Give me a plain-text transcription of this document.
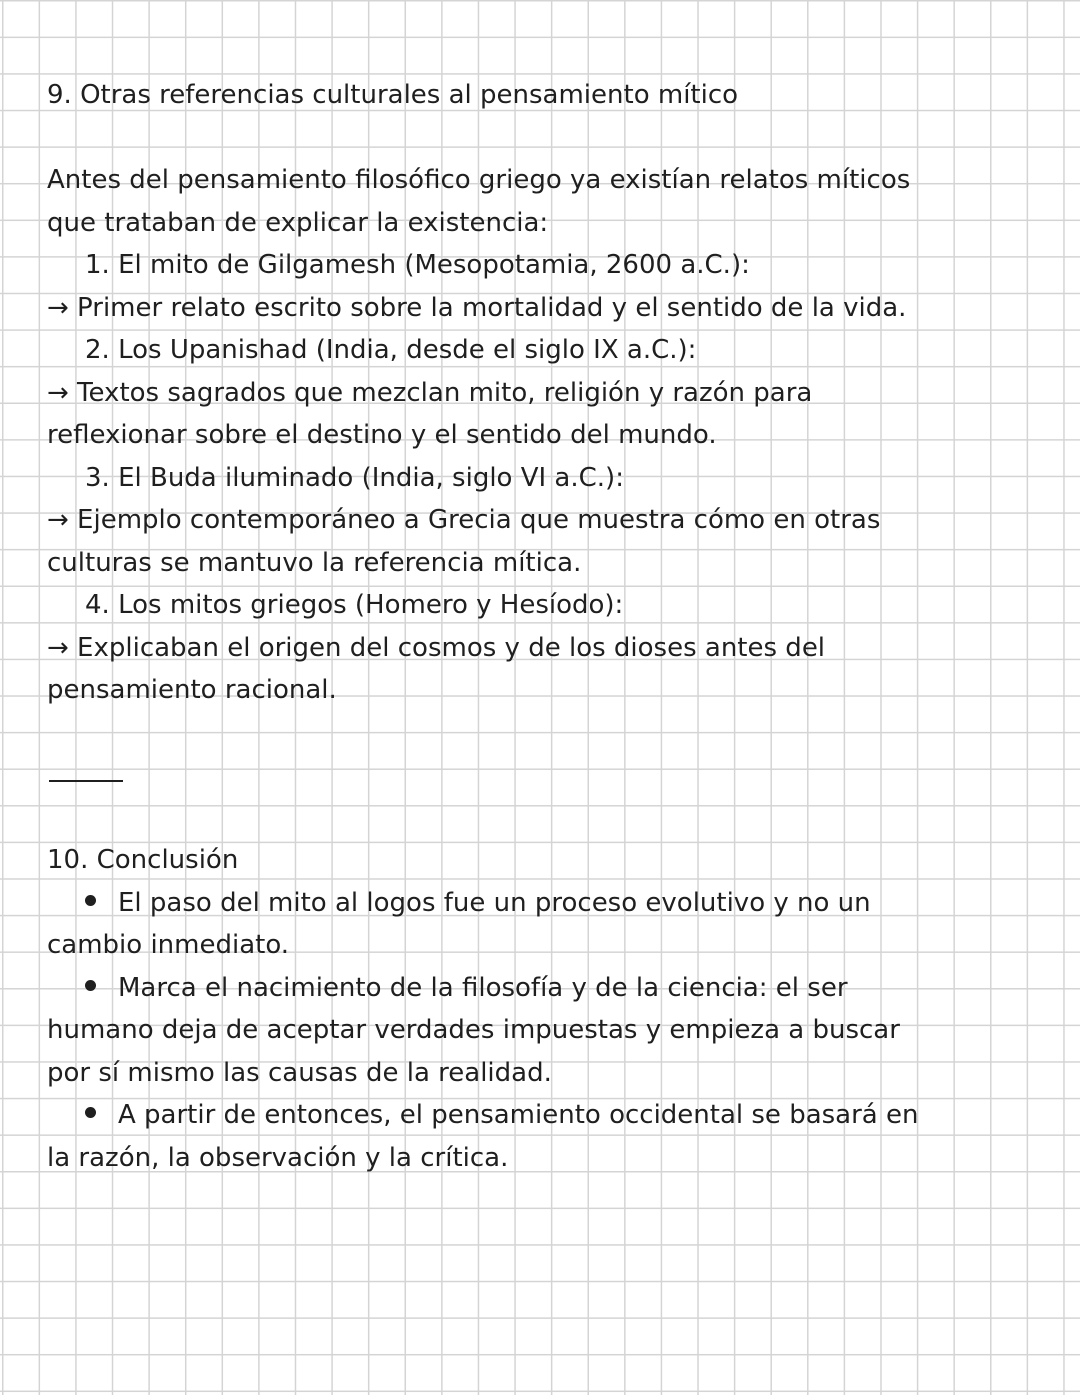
9. Otras referencias culturales al pensamiento mítico
Antes del pensamiento filosófico griego ya existían relatos míticos
que trataban de explicar la existencia:
1. El mito de Gilgamesh (Mesopotamia, 2600 a.C.):
→ Primer relato escrito sobre la mortalidad y el sentido de la vida.
2. Los Upanishad (India, desde el siglo IX a.C.):
→ Textos sagrados que mezclan mito, religión y razón para
reflexionar sobre el destino y el sentido del mundo.
3. El Buda iluminado (India, siglo VI a.C.):
→ Ejemplo contemporáneo a Grecia que muestra cómo en otras
culturas se mantuvo la referencia mítica.
4. Los mitos griegos (Homero y Hesíodo):
→ Explicaban el origen del cosmos y de los dioses antes del
pensamiento racional.
10. Conclusión
El paso del mito al logos fue un proceso evolutivo y no un
cambio inmediato.
Marca el nacimiento de la filosofía y de la ciencia: el ser
humano deja de aceptar verdades impuestas y empieza a buscar
por sí mismo las causas de la realidad.
A partir de entonces, el pensamiento occidental se basará en
la razón, la observación y la crítica.
